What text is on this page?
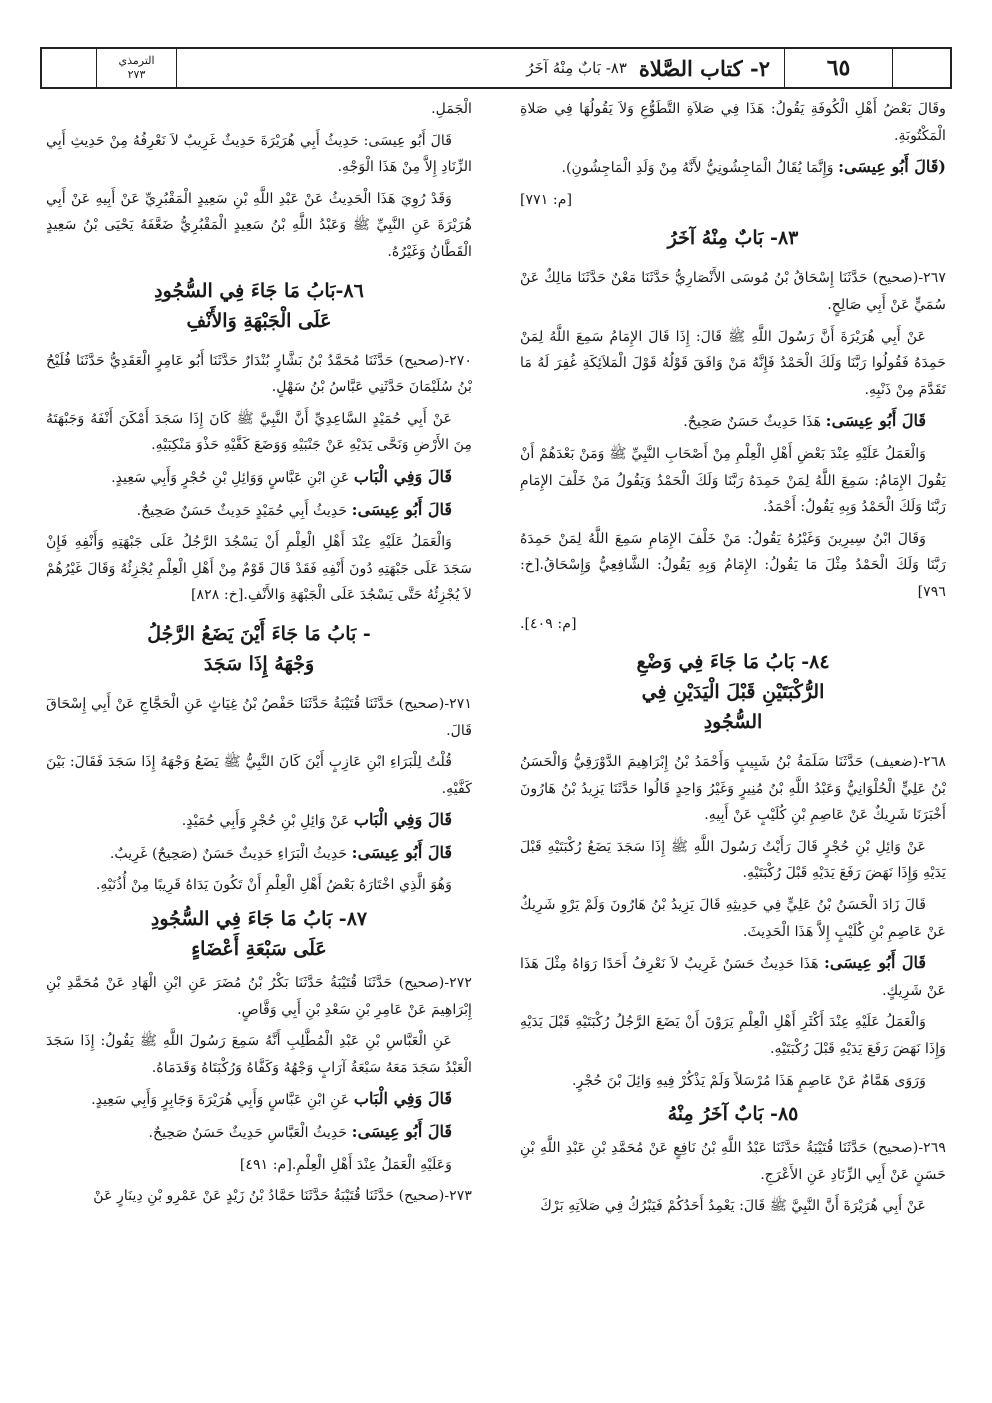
٦٥
٢- كتاب الصَّلاة
٨٣- بَابٌ مِنْهُ آخَرُ
الترمذي
٢٧٣

وقَالَ بَعْضُ أَهْلِ الْكُوفَةِ يَقُولُ: هَذَا فِي صَلاَةِ التَّطَوُّعِ وَلاَ يَقُولُهَا فِي صَلاةِ الْمَكْتُوبَةِ.

(قَالَ أَبُو عِيسَى: وَإِنَّمَا يُقَالُ الْمَاجِشُونِيُّ لأَنَّهُ مِنْ وَلَدِ الْمَاجِشُونِ).

[م: ٧٧١]

٨٣- بَابٌ مِنْهُ آخَرُ

٢٦٧-(صحيح) حَدَّثَنَا إِسْحَاقُ بْنُ مُوسَى الأَنْصَارِيُّ حَدَّثَنَا مَعْنٌ حَدَّثَنَا مَالِكٌ عَنْ سُمَيٍّ عَنْ أَبِي صَالِحٍ.

عَنْ أَبِي هُرَيْرَةَ أَنَّ رَسُولَ اللَّهِ ﷺ قَالَ: إِذَا قَالَ الإِمَامُ سَمِعَ اللَّهُ لِمَنْ حَمِدَهُ فَقُولُوا رَبَّنَا وَلَكَ الْحَمْدُ فَإِنَّهُ مَنْ وَافَقَ قَوْلُهُ قَوْلَ الْمَلاَئِكَةِ غُفِرَ لَهُ مَا تَقَدَّمَ مِنْ ذَنْبِهِ.

قَالَ أَبُو عِيسَى: هَذَا حَدِيثٌ حَسَنٌ صَحِيحٌ.

وَالْعَمَلُ عَلَيْهِ عِنْدَ بَعْضِ أَهْلِ الْعِلْمِ مِنْ أَصْحَابِ النَّبِيِّ ﷺ وَمَنْ بَعْدَهُمْ أَنْ يَقُولَ الإِمَامُ: سَمِعَ اللَّهُ لِمَنْ حَمِدَهُ رَبَّنَا وَلَكَ الْحَمْدُ وَيَقُولُ مَنْ خَلْفَ الإِمَامِ رَبَّنَا وَلَكَ الْحَمْدُ وَبِهِ يَقُولُ: أَحْمَدُ.

وَقَالَ ابْنُ سِيرِينَ وَغَيْرُهُ يَقُولُ: مَنْ خَلْفَ الإِمَامِ سَمِعَ اللَّهُ لِمَنْ حَمِدَهُ رَبَّنَا وَلَكَ الْحَمْدُ مِثْلَ مَا يَقُولُ: الإِمَامُ وَبِهِ يَقُولُ: الشَّافِعِيُّ وَإِسْحَاقُ.[خ: ٧٩٦]

[م: ٤٠٩].

٨٤- بَابُ مَا جَاءَ فِي وَضْعِ
الرُّكْبَتَيْنِ قَبْلَ الْيَدَيْنِ فِي
السُّجُودِ

٢٦٨-(ضعيف) حَدَّثَنَا سَلَمَةُ بْنُ شَبِيبٍ وَأَحْمَدُ بْنُ إِبْرَاهِيمَ الدَّوْرَقِيُّ وَالْحَسَنُ بْنُ عَلِيٍّ الْحُلْوَانِيُّ وَعَبْدُ اللَّهِ بْنُ مُنِيرٍ وَغَيْرُ وَاحِدٍ قَالُوا حَدَّثَنَا يَزِيدُ بْنُ هَارُونَ أَخْبَرَنَا شَرِيكٌ عَنْ عَاصِمِ بْنِ كُلَيْبٍ عَنْ أَبِيهِ.

عَنْ وَائِلِ بْنِ حُجْرٍ قَالَ رَأَيْتُ رَسُولَ اللَّهِ ﷺ إِذَا سَجَدَ يَضَعُ رُكْبَتَيْهِ قَبْلَ يَدَيْهِ وَإِذَا نَهَضَ رَفَعَ يَدَيْهِ قَبْلَ رُكْبَتَيْهِ.

قَالَ زَادَ الْحَسَنُ بْنُ عَلِيٍّ فِي حَدِيثِهِ قَالَ يَزِيدُ بْنُ هَارُونَ وَلَمْ يَرْوِ شَرِيكٌ عَنْ عَاصِمِ بْنِ كُلَيْبٍ إِلاَّ هَذَا الْحَدِيثَ.

قَالَ أَبُو عِيسَى: هَذَا حَدِيثٌ حَسَنٌ غَرِيبٌ لاَ نَعْرِفُ أَحَدًا رَوَاهُ مِثْلَ هَذَا عَنْ شَرِيكٍ.

وَالْعَمَلُ عَلَيْهِ عِنْدَ أَكْثَرِ أَهْلِ الْعِلْمِ يَرَوْنَ أَنْ يَضَعَ الرَّجُلُ رُكْبَتَيْهِ قَبْلَ يَدَيْهِ وَإِذَا نَهَضَ رَفَعَ يَدَيْهِ قَبْلَ رُكْبَتَيْهِ.

وَرَوَى هَمَّامٌ عَنْ عَاصِمٍ هَذَا مُرْسَلاً وَلَمْ يَذْكُرْ فِيهِ وَائِلَ بْنَ حُجْرٍ.

٨٥- بَابٌ آخَرُ مِنْهُ

٢٦٩-(صحيح) حَدَّثَنَا قُتَيْبَةُ حَدَّثَنَا عَبْدُ اللَّهِ بْنُ نَافِعٍ عَنْ مُحَمَّدِ بْنِ عَبْدِ اللَّهِ بْنِ حَسَنٍ عَنْ أَبِي الزِّنَادِ عَنِ الأَعْرَجِ.

عَنْ أَبِي هُرَيْرَةَ أَنَّ النَّبِيَّ ﷺ قَالَ: يَعْمِدُ أَحَدُكُمْ فَيَبْرُكُ فِي صَلاَتِهِ بَرْكَ

الْجَمَلِ.

قَالَ أَبُو عِيسَى: حَدِيثُ أَبِي هُرَيْرَةَ حَدِيثٌ غَرِيبٌ لاَ نَعْرِفُهُ مِنْ حَدِيثِ أَبِي الزِّنَادِ إِلاَّ مِنْ هَذَا الْوَجْهِ.

وَقَدْ رُوِيَ هَذَا الْحَدِيثُ عَنْ عَبْدِ اللَّهِ بْنِ سَعِيدٍ الْمَقْبُرِيِّ عَنْ أَبِيهِ عَنْ أَبِي هُرَيْرَةَ عَنِ النَّبِيِّ ﷺ وَعَبْدُ اللَّهِ بْنُ سَعِيدٍ الْمَقْبُرِيُّ ضَعَّفَهُ يَحْيَى بْنُ سَعِيدٍ الْقَطَّانُ وَغَيْرُهُ.

٨٦-بَابُ مَا جَاءَ فِي السُّجُودِ
عَلَى الْجَبْهَةِ وَالأَنْفِ

٢٧٠-(صحيح) حَدَّثَنَا مُحَمَّدُ بْنُ بَشَّارٍ بُنْدَارٌ حَدَّثَنَا أَبُو عَامِرٍ الْعَقَدِيُّ حَدَّثَنَا فُلَيْحُ بْنُ سُلَيْمَانَ حَدَّثَنِي عَبَّاسُ بْنُ سَهْلٍ.

عَنْ أَبِي حُمَيْدٍ السَّاعِدِيِّ أَنَّ النَّبِيَّ ﷺ كَانَ إِذَا سَجَدَ أَمْكَنَ أَنْفَهُ وَجَبْهَتَهُ مِنَ الأَرْضِ وَنَحَّى يَدَيْهِ عَنْ جَنْبَيْهِ وَوَضَعَ كَفَّيْهِ حَذْوَ مَنْكِبَيْهِ.

قَالَ وَفِي الْبَاب عَنِ ابْنِ عَبَّاسٍ وَوَائِلِ بْنِ حُجْرٍ وَأَبِي سَعِيدٍ.

قَالَ أَبُو عِيسَى: حَدِيثُ أَبِي حُمَيْدٍ حَدِيثٌ حَسَنٌ صَحِيحٌ.

وَالْعَمَلُ عَلَيْهِ عِنْدَ أَهْلِ الْعِلْمِ أَنْ يَسْجُدَ الرَّجُلُ عَلَى جَبْهَتِهِ وَأَنْفِهِ فَإِنْ سَجَدَ عَلَى جَبْهَتِهِ دُونَ أَنْفِهِ فَقَدْ قَالَ قَوْمٌ مِنْ أَهْلِ الْعِلْمِ يُجْزِئُهُ وَقَالَ غَيْرُهُمْ لاَ يُجْزِئُهُ حَتَّى يَسْجُدَ عَلَى الْجَبْهَةِ وَالأَنْفِ.[خ: ٨٢٨]

- بَابُ مَا جَاءَ أَيْنَ يَضَعُ الرَّجُلُ
وَجْهَهُ إِذَا سَجَدَ

٢٧١-(صحيح) حَدَّثَنَا قُتَيْبَةُ حَدَّثَنَا حَفْصُ بْنُ غِيَاثٍ عَنِ الْحَجَّاجِ عَنْ أَبِي إِسْحَاقَ قَالَ.

قُلْتُ لِلْبَرَاءِ ابْنِ عَازِبٍ أَيْنَ كَانَ النَّبِيُّ ﷺ يَضَعُ وَجْهَهُ إِذَا سَجَدَ فَقَالَ: بَيْنَ كَفَّيْهِ.

قَالَ وَفِي الْبَاب عَنْ وَائِلِ بْنِ حُجْرٍ وَأَبِي حُمَيْدٍ.

قَالَ أَبُو عِيسَى: حَدِيثُ الْبَرَاءِ حَدِيثٌ حَسَنٌ (صَحِيحٌ) غَرِيبٌ.

وَهُوَ الَّذِي اخْتَارَهُ بَعْضُ أَهْلِ الْعِلْمِ أَنْ تَكُونَ يَدَاهُ قَرِيبًا مِنْ أُذُنَيْهِ.

٨٧- بَابُ مَا جَاءَ فِي السُّجُودِ
عَلَى سَبْعَةِ أَعْضَاءٍ

٢٧٢-(صحيح) حَدَّثَنَا قُتَيْبَةُ حَدَّثَنَا بَكْرُ بْنُ مُضَرَ عَنِ ابْنِ الْهَادِ عَنْ مُحَمَّدِ بْنِ إِبْرَاهِيمَ عَنْ عَامِرِ بْنِ سَعْدِ بْنِ أَبِي وَقَّاصٍ.

عَنِ الْعَبَّاسِ بْنِ عَبْدِ الْمُطَّلِبِ أَنَّهُ سَمِعَ رَسُولَ اللَّهِ ﷺ يَقُولُ: إِذَا سَجَدَ الْعَبْدُ سَجَدَ مَعَهُ سَبْعَةُ آرَابٍ وَجْهُهُ وَكَفَّاهُ وَرُكْبَتَاهُ وَقَدَمَاهُ.

قَالَ وَفِي الْبَاب عَنِ ابْنِ عَبَّاسٍ وَأَبِي هُرَيْرَةَ وَجَابِرٍ وَأَبِي سَعِيدٍ.

قَالَ أَبُو عِيسَى: حَدِيثُ الْعَبَّاسِ حَدِيثٌ حَسَنٌ صَحِيحٌ.

وَعَلَيْهِ الْعَمَلُ عِنْدَ أَهْلِ الْعِلْمِ.[م: ٤٩١]

٢٧٣-(صحيح) حَدَّثَنَا قُتَيْبَةُ حَدَّثَنَا حَمَّادُ بْنُ زَيْدٍ عَنْ عَمْرِو بْنِ دِينَارٍ عَنْ
